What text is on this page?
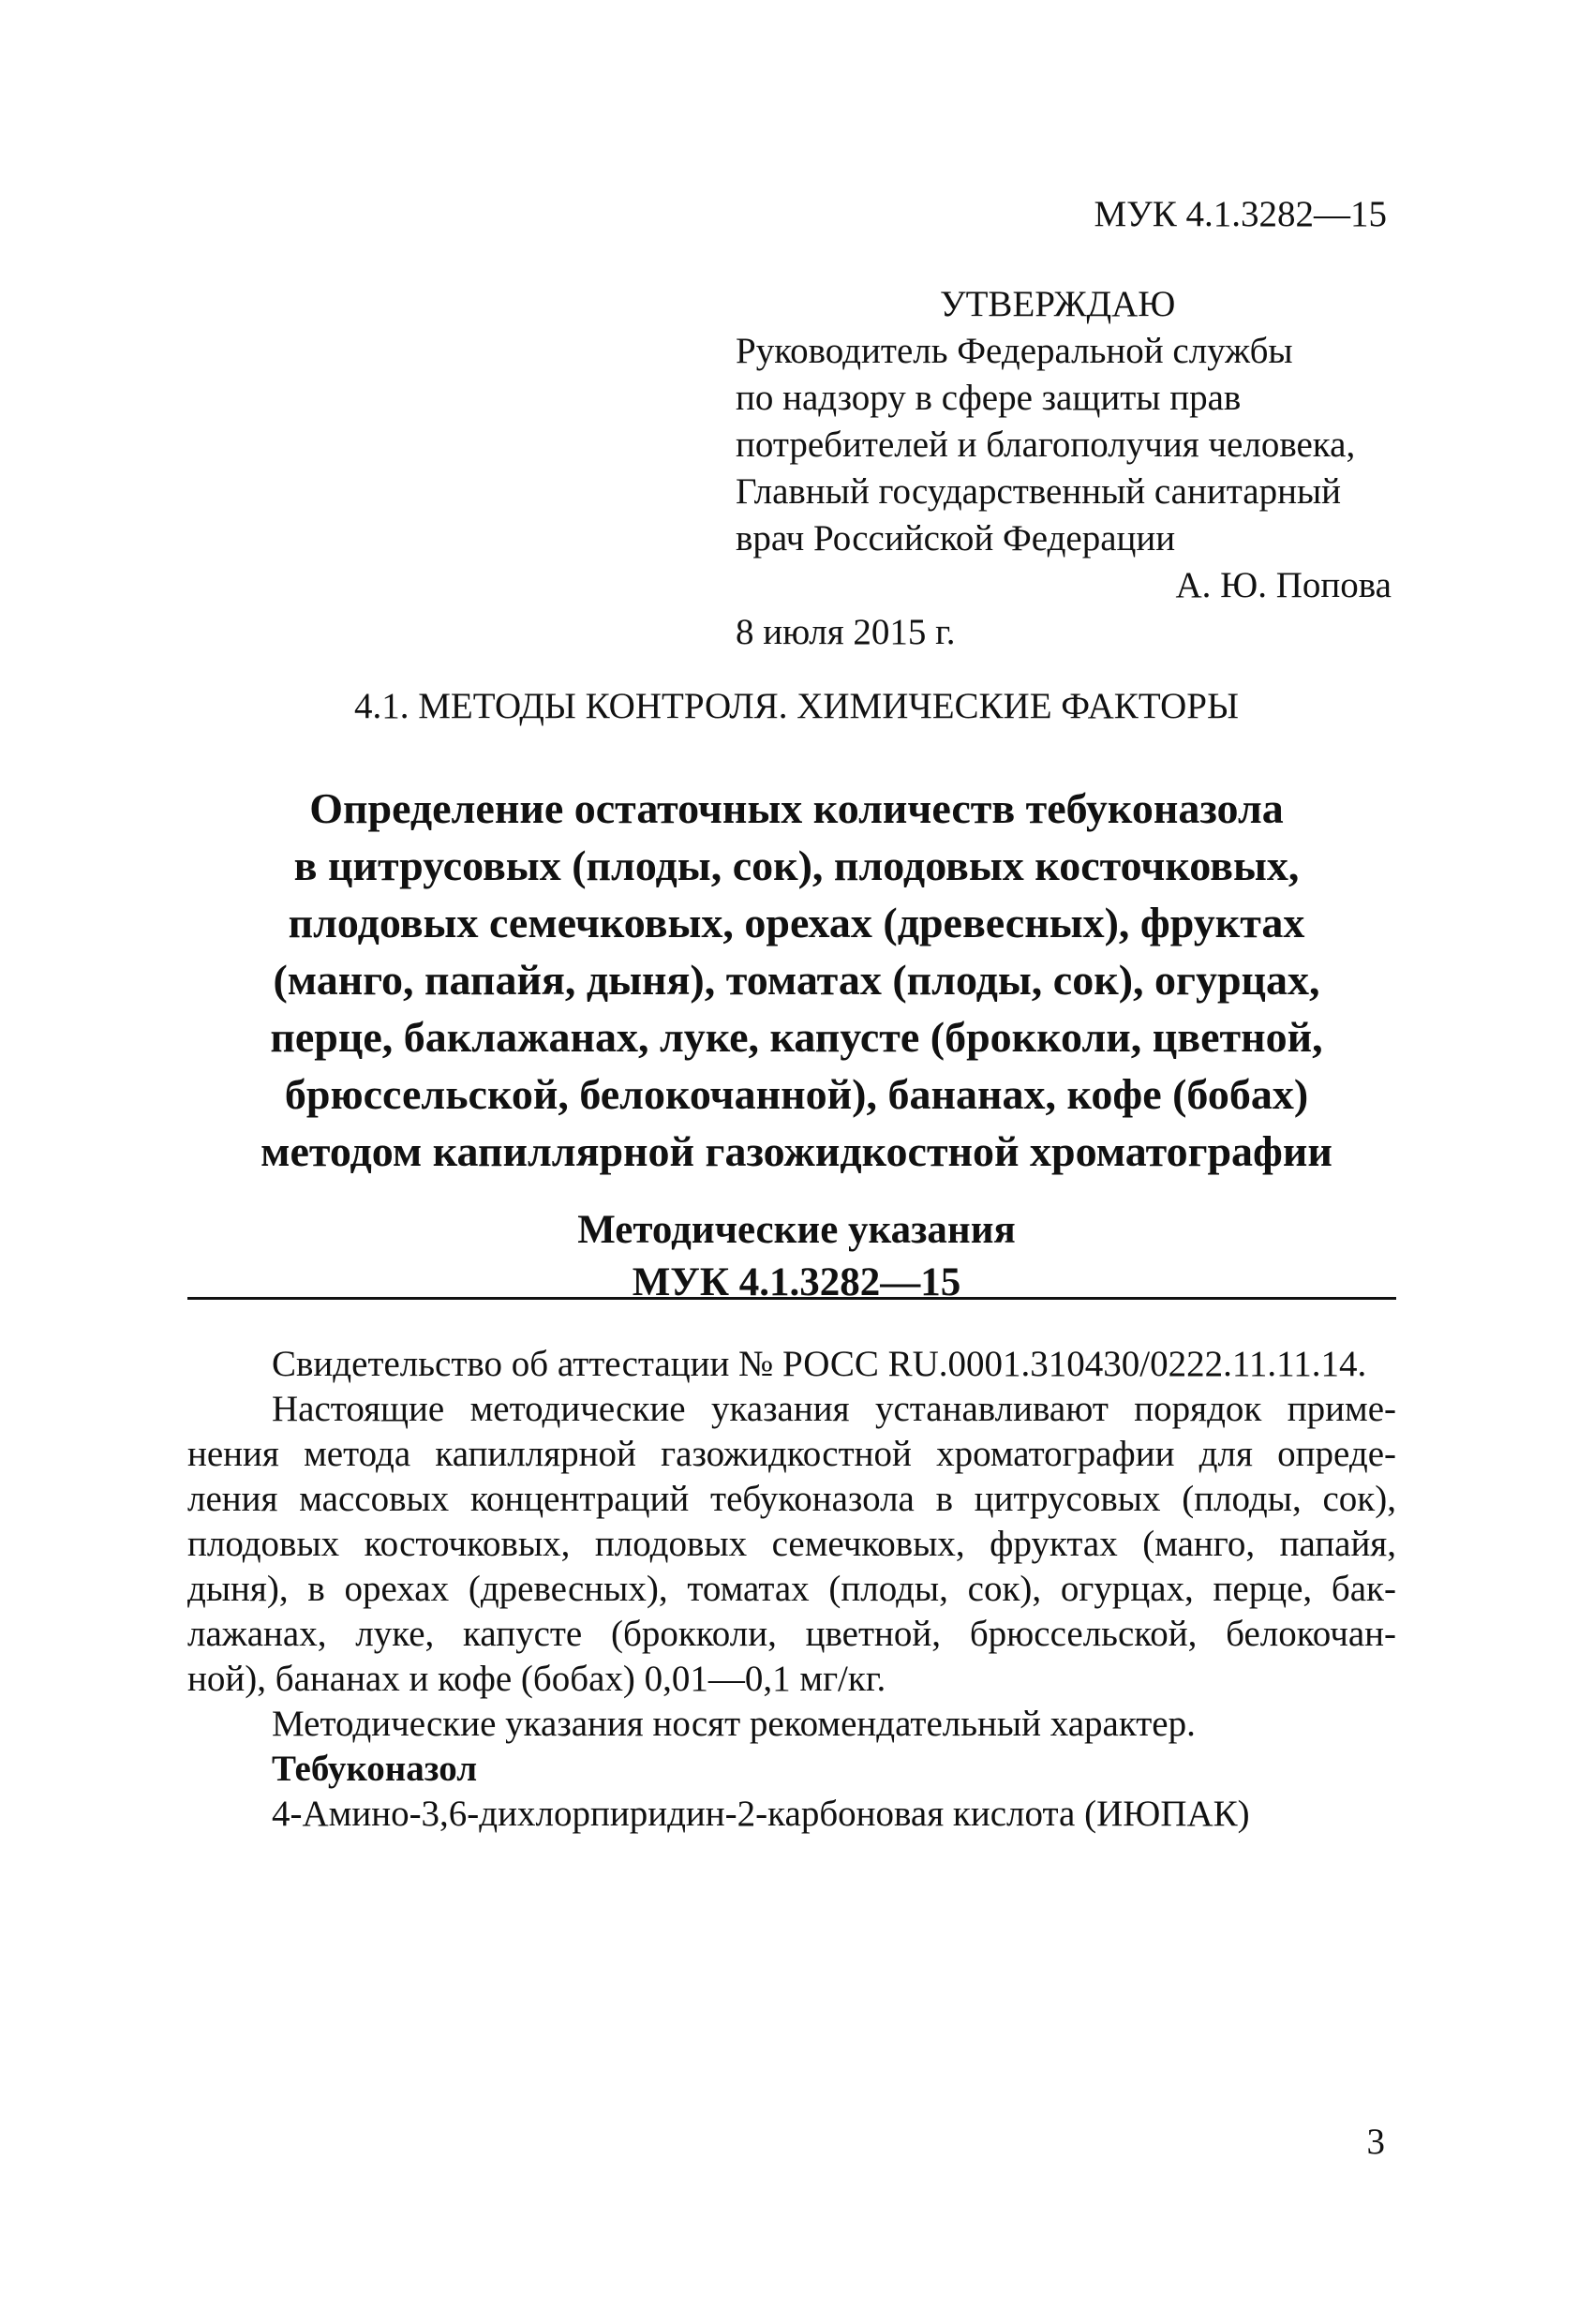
МУК 4.1.3282—15
УТВЕРЖДАЮ
Руководитель Федеральной службы
по надзору в сфере защиты прав
потребителей и благополучия человека,
Главный государственный санитарный
врач Российской Федерации
А. Ю. Попова
8 июля 2015 г.
4.1. МЕТОДЫ КОНТРОЛЯ. ХИМИЧЕСКИЕ ФАКТОРЫ
Определение остаточных количеств тебуконазола
в цитрусовых (плоды, сок), плодовых косточковых,
плодовых семечковых, орехах (древесных), фруктах
(манго, папайя, дыня), томатах (плоды, сок), огурцах,
перце, баклажанах, луке, капусте (брокколи, цветной,
брюссельской, белокочанной), бананах, кофе (бобах)
методом капиллярной газожидкостной хроматографии
Методические указания
МУК 4.1.3282—15
Свидетельство об аттестации № РОСС RU.0001.310430/0222.11.11.14.
Настоящие методические указания устанавливают порядок приме-
нения метода капиллярной газожидкостной хроматографии для опреде-
ления массовых концентраций тебуконазола в цитрусовых (плоды, сок),
плодовых косточковых, плодовых семечковых, фруктах (манго, папайя,
дыня), в орехах (древесных), томатах (плоды, сок), огурцах, перце, бак-
лажанах, луке, капусте (брокколи, цветной, брюссельской, белокочан-
ной), бананах и кофе (бобах) 0,01—0,1 мг/кг.
Методические указания носят рекомендательный характер.
Тебуконазол
4-Амино-3,6-дихлорпиридин-2-карбоновая кислота (ИЮПАК)
3
